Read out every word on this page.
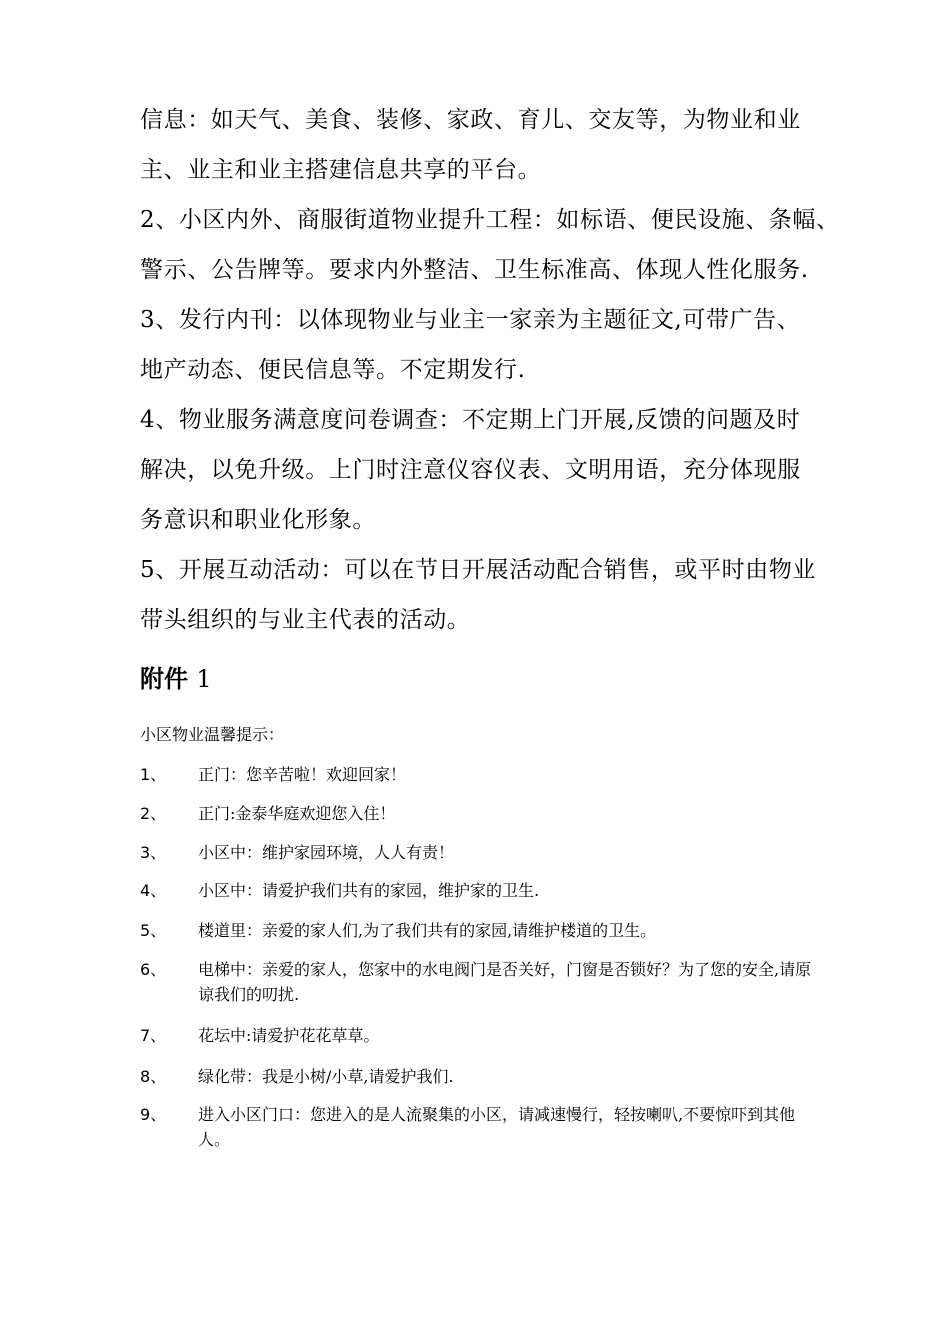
信息：如天气、美食、装修、家政、育儿、交友等，为物业和业
主、业主和业主搭建信息共享的平台。
2、小区内外、商服街道物业提升工程：如标语、便民设施、条幅、
警示、公告牌等。要求内外整洁、卫生标准高、体现人性化服务.
3、发行内刊：以体现物业与业主一家亲为主题征文,可带广告、
地产动态、便民信息等。不定期发行.
4、物业服务满意度问卷调查：不定期上门开展,反馈的问题及时
解决，以免升级。上门时注意仪容仪表、文明用语，充分体现服
务意识和职业化形象。
5、开展互动活动：可以在节日开展活动配合销售，或平时由物业
带头组织的与业主代表的活动。
附件 1
小区物业温馨提示：
1、 正门：您辛苦啦！欢迎回家！
2、 正门:金泰华庭欢迎您入住！
3、 小区中：维护家园环境，人人有责！
4、 小区中：请爱护我们共有的家园，维护家的卫生.
5、 楼道里：亲爱的家人们,为了我们共有的家园,请维护楼道的卫生。
6、 电梯中：亲爱的家人，您家中的水电阀门是否关好，门窗是否锁好？为了您的安全,请原谅我们的叨扰.
7、 花坛中:请爱护花花草草。
8、 绿化带：我是小树/小草,请爱护我们.
9、 进入小区门口：您进入的是人流聚集的小区，请减速慢行，轻按喇叭,不要惊吓到其他人。
